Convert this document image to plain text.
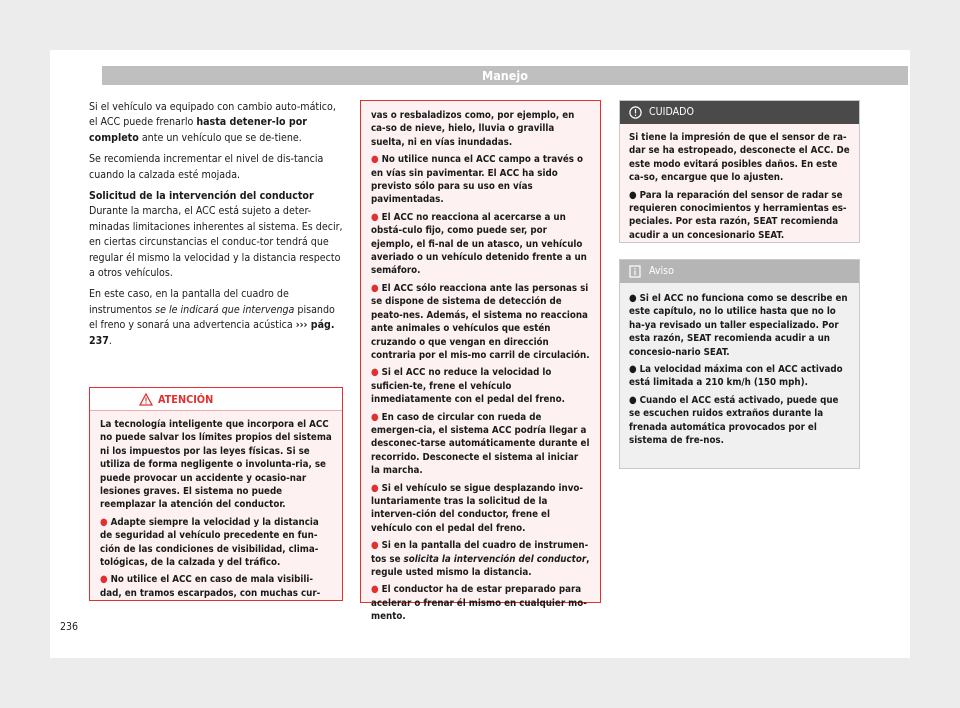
Manejo

Si el vehículo va equipado con cambio auto-mático, el ACC puede frenarlo hasta detener-lo por completo ante un vehículo que se de-tiene.

Se recomienda incrementar el nivel de dis-tancia cuando la calzada esté mojada.

Solicitud de la intervención del conductor

Durante la marcha, el ACC está sujeto a deter-minadas limitaciones inherentes al sistema. Es decir, en ciertas circunstancias el conduc-tor tendrá que regular él mismo la velocidad y la distancia respecto a otros vehículos.

En este caso, en la pantalla del cuadro de instrumentos se le indicará que intervenga pisando el freno y sonará una advertencia acústica ››› pág. 237.

ATENCIÓN

La tecnología inteligente que incorpora el ACC no puede salvar los límites propios del sistema ni los impuestos por las leyes físicas. Si se utiliza de forma negligente o involunta-ria, se puede provocar un accidente y ocasio-nar lesiones graves. El sistema no puede reemplazar la atención del conductor.

● Adapte siempre la velocidad y la distancia de seguridad al vehículo precedente en fun-ción de las condiciones de visibilidad, clima-tológicas, de la calzada y del tráfico.

● No utilice el ACC en caso de mala visibili-dad, en tramos escarpados, con muchas cur-

vas o resbaladizos como, por ejemplo, en ca-so de nieve, hielo, lluvia o gravilla suelta, ni en vías inundadas.

● No utilice nunca el ACC campo a través o en vías sin pavimentar. El ACC ha sido previsto sólo para su uso en vías pavimentadas.

● El ACC no reacciona al acercarse a un obstá-culo fijo, como puede ser, por ejemplo, el fi-nal de un atasco, un vehículo averiado o un vehículo detenido frente a un semáforo.

● El ACC sólo reacciona ante las personas si se dispone de sistema de detección de peato-nes. Además, el sistema no reacciona ante animales o vehículos que estén cruzando o que vengan en dirección contraria por el mis-mo carril de circulación.

● Si el ACC no reduce la velocidad lo suficien-te, frene el vehículo inmediatamente con el pedal del freno.

● En caso de circular con rueda de emergen-cia, el sistema ACC podría llegar a desconec-tarse automáticamente durante el recorrido. Desconecte el sistema al iniciar la marcha.

● Si el vehículo se sigue desplazando invo-luntariamente tras la solicitud de la interven-ción del conductor, frene el vehículo con el pedal del freno.

● Si en la pantalla del cuadro de instrumen-tos se solicita la intervención del conductor, regule usted mismo la distancia.

● El conductor ha de estar preparado para acelerar o frenar él mismo en cualquier mo-mento.

CUIDADO

Si tiene la impresión de que el sensor de ra-dar se ha estropeado, desconecte el ACC. De este modo evitará posibles daños. En este ca-so, encargue que lo ajusten.

● Para la reparación del sensor de radar se requieren conocimientos y herramientas es-peciales. Por esta razón, SEAT recomienda acudir a un concesionario SEAT.

Aviso

● Si el ACC no funciona como se describe en este capítulo, no lo utilice hasta que no lo ha-ya revisado un taller especializado. Por esta razón, SEAT recomienda acudir a un concesio-nario SEAT.

● La velocidad máxima con el ACC activado está limitada a 210 km/h (150 mph).

● Cuando el ACC está activado, puede que se escuchen ruidos extraños durante la frenada automática provocados por el sistema de fre-nos.

236
